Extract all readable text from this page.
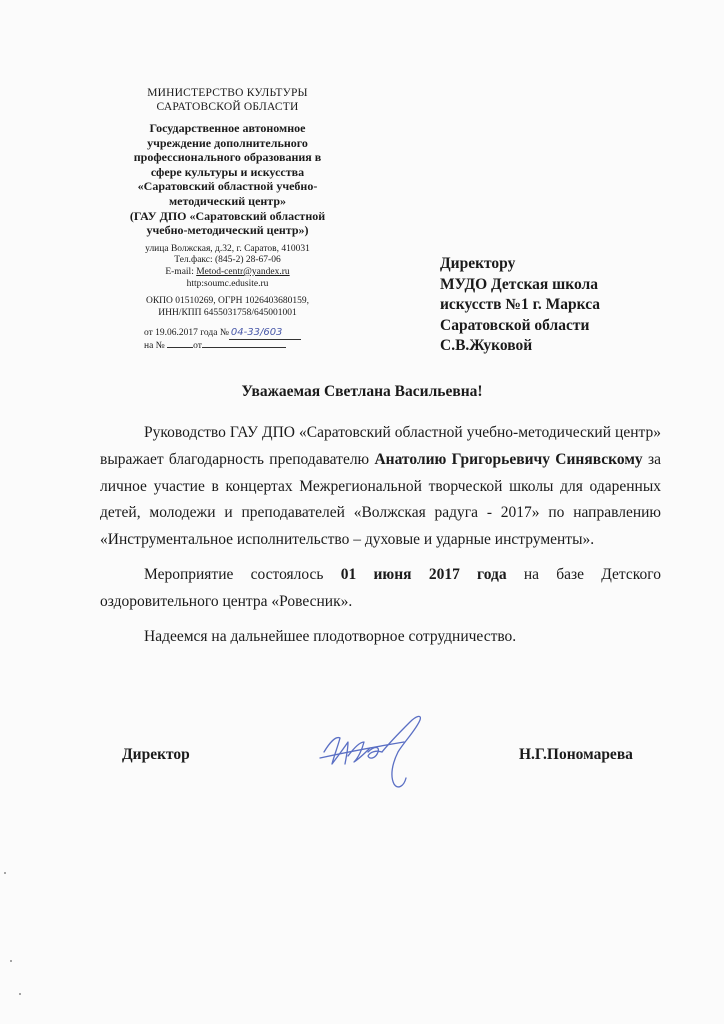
МИНИСТЕРСТВО КУЛЬТУРЫ
САРАТОВСКОЙ ОБЛАСТИ
Государственное автономное
учреждение дополнительного
профессионального образования в
сфере культуры и искусства
«Саратовский областной учебно-
методический центр»
(ГАУ ДПО «Саратовский областной
учебно-методический центр»)
улица Волжская, д.32, г. Саратов, 410031
Тел.факс: (845-2) 28-67-06
E-mail: Metod-centr@yandex.ru
http:soumc.edusite.ru
ОКПО 01510269, ОГРН 1026403680159,
ИНН/КПП 6455031758/645001001
от 19.06.2017 года № 04-33/603
на №	от
Директору
МУДО Детская школа
искусств №1 г. Маркса
Саратовской области
С.В.Жуковой
Уважаемая Светлана Васильевна!

Руководство ГАУ ДПО «Саратовский областной учебно-методический центр» выражает благодарность преподавателю Анатолию Григорьевичу Синявскому за личное участие в концертах Межрегиональной творческой школы для одаренных детей, молодежи и преподавателей «Волжская радуга - 2017» по направлению «Инструментальное исполнительство – духовые и ударные инструменты».

Мероприятие состоялось 01 июня 2017 года на базе Детского оздоровительного центра «Ровесник».

Надеемся на дальнейшее плодотворное сотрудничество.

Директор	Н.Г.Пономарева
